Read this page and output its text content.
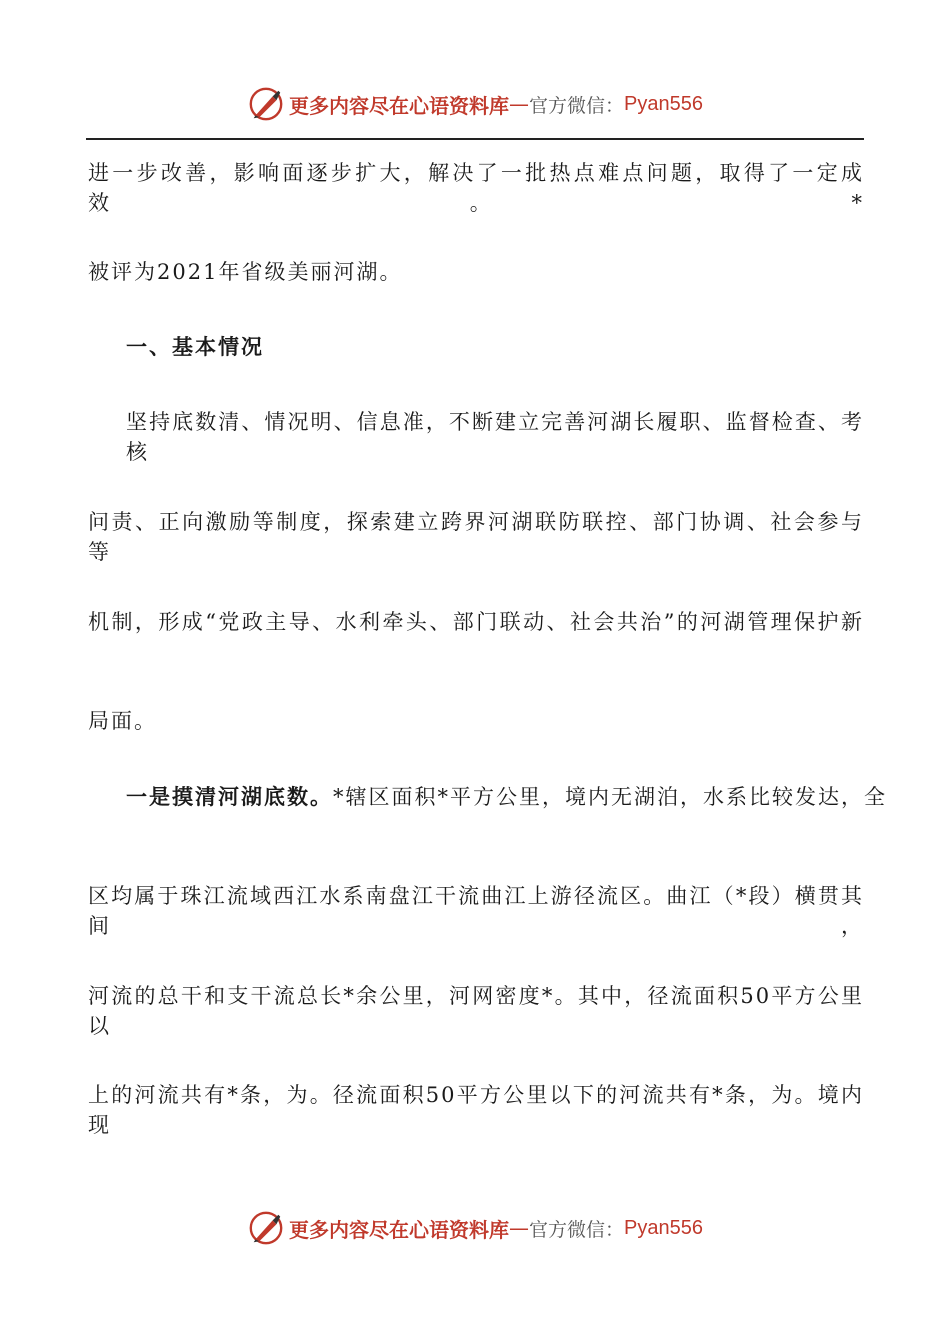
更多内容尽在心语资料库 — 官方微信： Pyan556
进一步改善，影响面逐步扩大，解决了一批热点难点问题，取得了一定成效。*
被评为2021年省级美丽河湖。
一、基本情况
坚持底数清、情况明、信息准，不断建立完善河湖长履职、监督检查、考核
问责、正向激励等制度，探索建立跨界河湖联防联控、部门协调、社会参与等
机制，形成“党政主导、水利牵头、部门联动、社会共治”的河湖管理保护新
局面。
一是摸清河湖底数。*辖区面积*平方公里，境内无湖泊，水系比较发达，全
区均属于珠江流域西江水系南盘江干流曲江上游径流区。曲江（*段）横贯其间，
河流的总干和支干流总长*余公里，河网密度*。其中，径流面积50平方公里以
上的河流共有*条，为。径流面积50平方公里以下的河流共有*条，为。境内现
更多内容尽在心语资料库 — 官方微信： Pyan556
